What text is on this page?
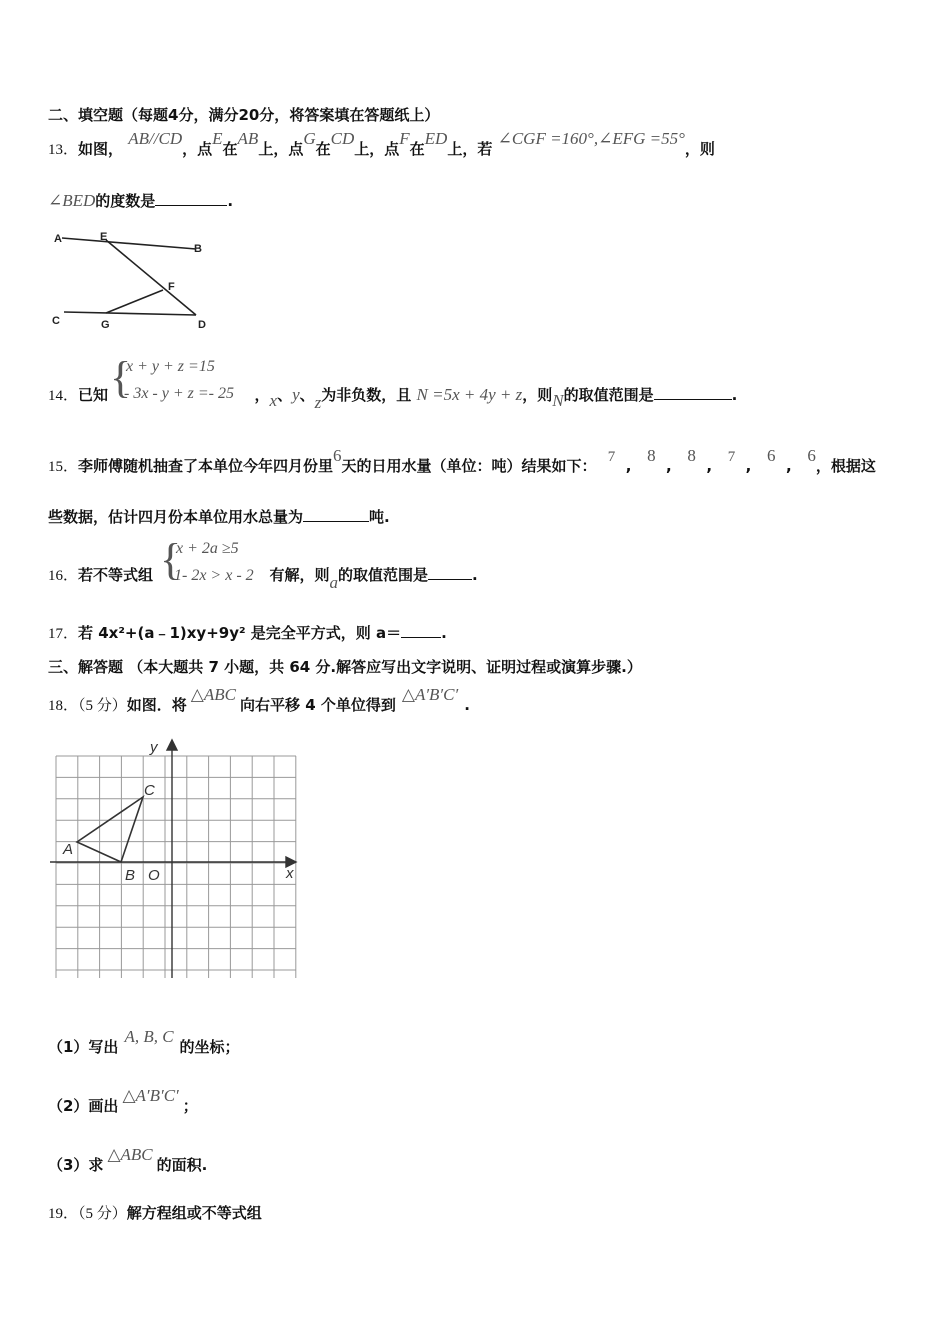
二、填空题（每题4分，满分20分，将答案填在答题纸上）
13．如图， AB//CD，点E在AB上，点G在CD上，点F在ED上，若 ∠CGF =160°,∠EFG =55°，则
∠BED的度数是	.
A	E
B
F
C	G	D
{
x + y + z =15
- 3x - y + z =- 25
14．已知	，x、y、z为非负数，且 N =5x + 4y + z，则N的取值范围是	.
15．李师傅随机抽查了本单位今年四月份里6天的日用水量（单位：吨）结果如下： 7  ,   8  ,   8  ,   7  ,   6  ,   6，根据这
些数据，估计四月份本单位用水总量为	吨.
{
x + 2a ≥5
1- 2x > x - 2
16．若不等式组	有解，则a的取值范围是	.
17．若 4x²+(a﹣1)xy+9y² 是完全平方式，则 a＝	.
三、解答题 （本大题共 7 小题，共 64 分.解答应写出文字说明、证明过程或演算步骤.）
18．（5 分）如图．将△ABC向右平移 4 个单位得到△A′B′C′.
y
x
C
A
B O
（1）写出A, B, C的坐标；
（2）画出△A′B′C′；
（3）求△ABC的面积.
19．（5 分）解方程组或不等式组
